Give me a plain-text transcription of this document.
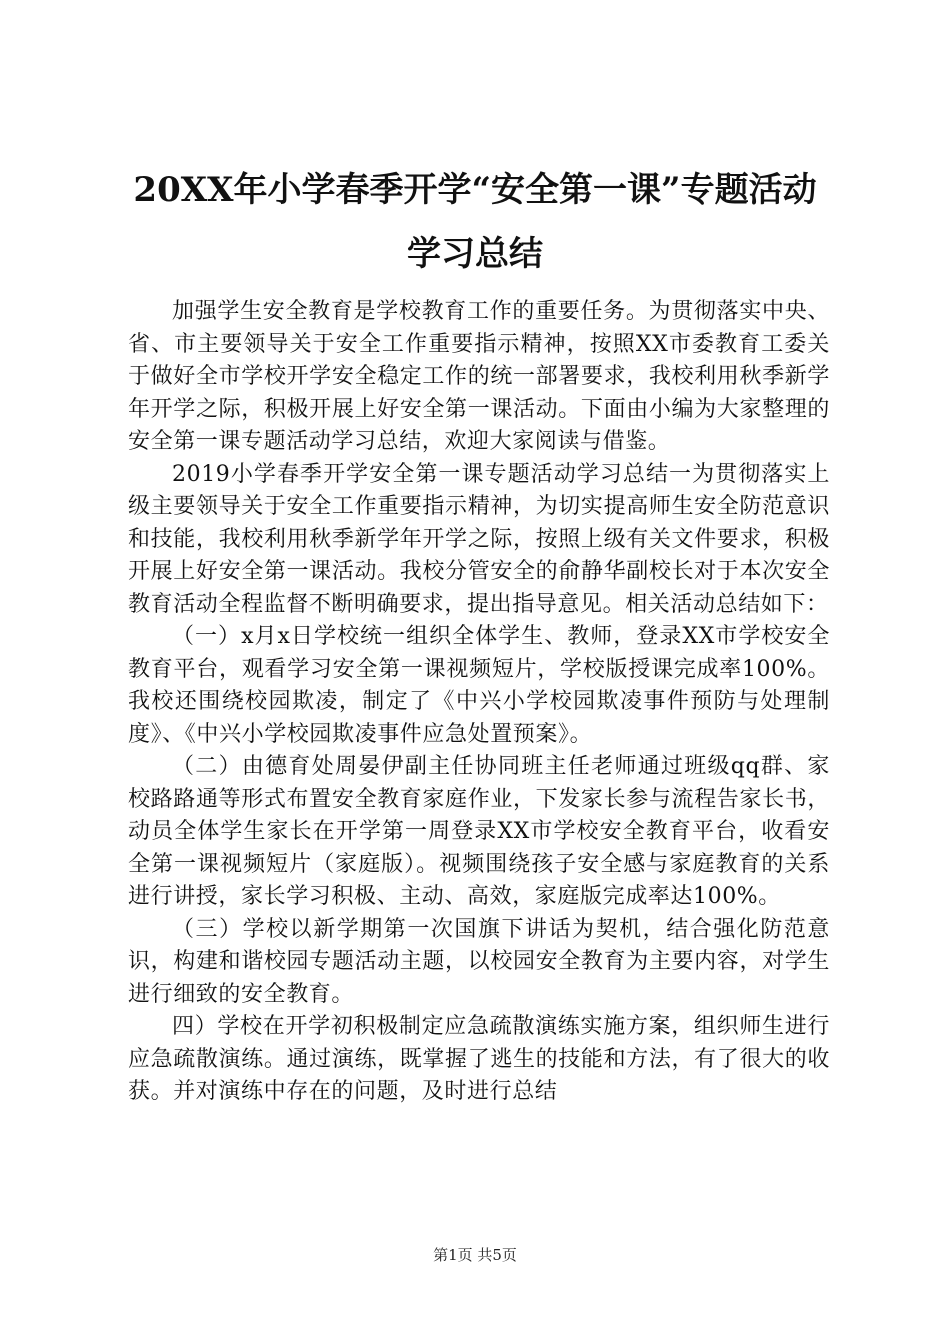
20XX年小学春季开学“安全第一课”专题活动学习总结

加强学生安全教育是学校教育工作的重要任务。为贯彻落实中央、省、市主要领导关于安全工作重要指示精神，按照XX市委教育工委关于做好全市学校开学安全稳定工作的统一部署要求，我校利用秋季新学年开学之际，积极开展上好安全第一课活动。下面由小编为大家整理的安全第一课专题活动学习总结，欢迎大家阅读与借鉴。

2019小学春季开学安全第一课专题活动学习总结一为贯彻落实上级主要领导关于安全工作重要指示精神，为切实提高师生安全防范意识和技能，我校利用秋季新学年开学之际，按照上级有关文件要求，积极开展上好安全第一课活动。我校分管安全的俞静华副校长对于本次安全教育活动全程监督不断明确要求，提出指导意见。相关活动总结如下：

（一）x月x日学校统一组织全体学生、教师，登录XX市学校安全教育平台，观看学习安全第一课视频短片，学校版授课完成率100%。我校还围绕校园欺凌，制定了《中兴小学校园欺凌事件预防与处理制度》、《中兴小学校园欺凌事件应急处置预案》。

（二）由德育处周晏伊副主任协同班主任老师通过班级qq群、家校路路通等形式布置安全教育家庭作业，下发家长参与流程告家长书，动员全体学生家长在开学第一周登录XX市学校安全教育平台，收看安全第一课视频短片（家庭版）。视频围绕孩子安全感与家庭教育的关系进行讲授，家长学习积极、主动、高效，家庭版完成率达100%。

（三）学校以新学期第一次国旗下讲话为契机，结合强化防范意识，构建和谐校园专题活动主题，以校园安全教育为主要内容，对学生进行细致的安全教育。

四）学校在开学初积极制定应急疏散演练实施方案，组织师生进行应急疏散演练。通过演练，既掌握了逃生的技能和方法，有了很大的收获。并对演练中存在的问题，及时进行总结

第1页 共5页
